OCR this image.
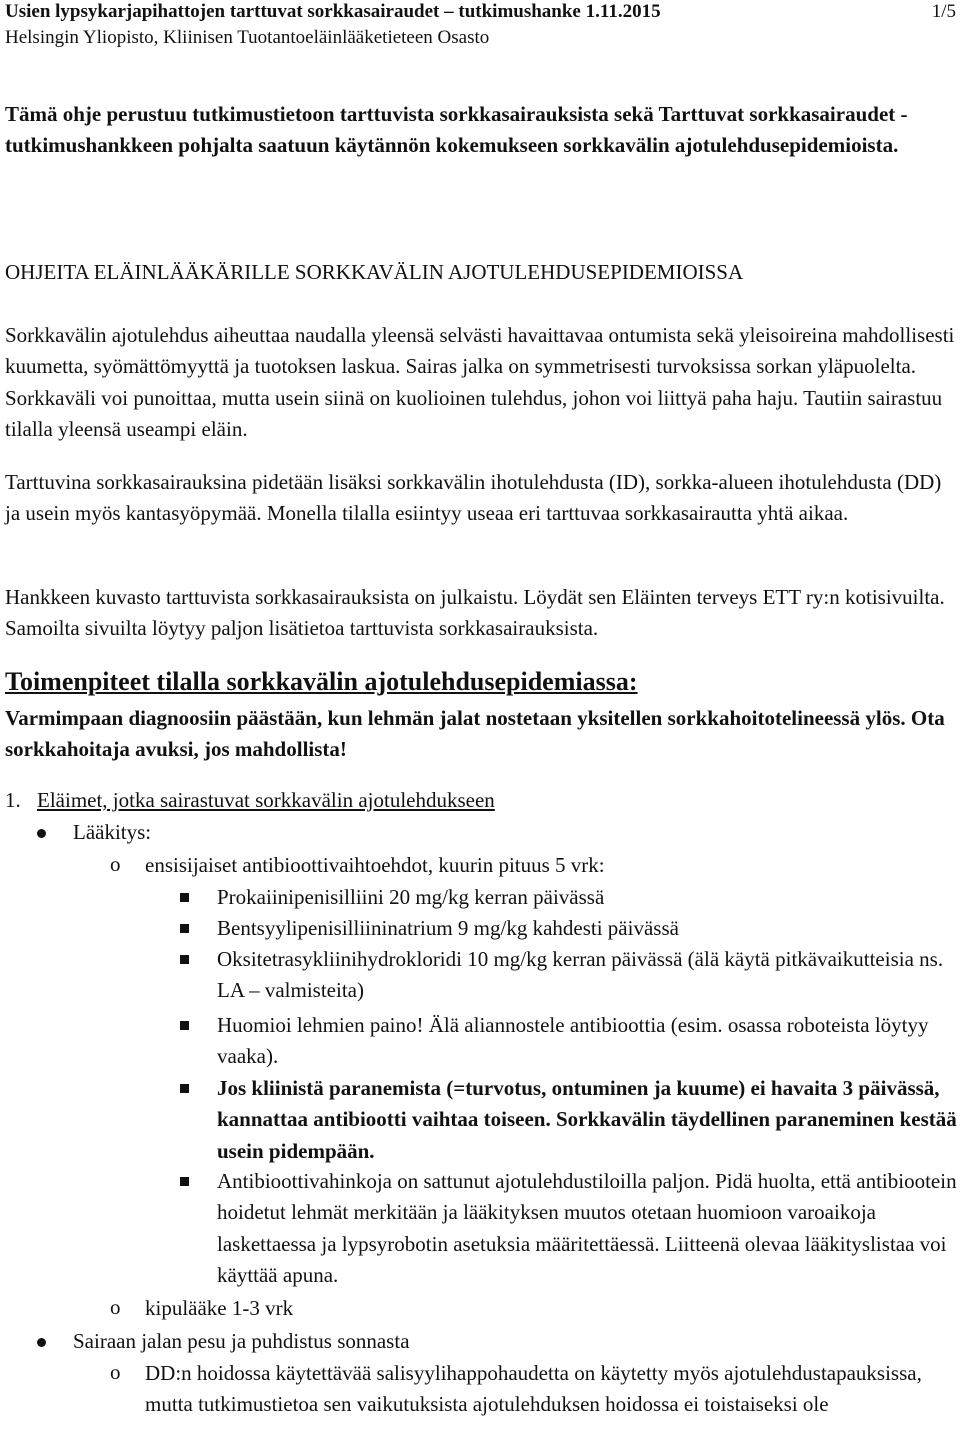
Usien lypsykarjapihattojen tarttuvat sorkkasairaudet – tutkimushanke 1.11.2015	1/5
Helsingin Yliopisto, Kliinisen Tuotantoeläinlääketieteen Osasto
Tämä ohje perustuu tutkimustietoon tarttuvista sorkkasairauksista sekä Tarttuvat sorkkasairaudet - tutkimushankkeen pohjalta saatuun käytännön kokemukseen sorkkavälin ajotulehdusepidemioista.
OHJEITA ELÄINLÄÄKÄRILLE SORKKAVÄLIN AJOTULEHDUSEPIDEMIOISSA
Sorkkavälin ajotulehdus aiheuttaa naudalla yleensä selvästi havaittavaa ontumista sekä yleisoireina mahdollisesti kuumetta, syömättömyyttä ja tuotoksen laskua. Sairas jalka on symmetrisesti turvoksissa sorkan yläpuolelta. Sorkkaväli voi punoittaa, mutta usein siinä on kuolioinen tulehdus, johon voi liittyä paha haju. Tautiin sairastuu tilalla yleensä useampi eläin.
Tarttuvina sorkkasairauksina pidetään lisäksi sorkkavälin ihotulehdusta (ID), sorkka-alueen ihotulehdusta (DD) ja usein myös kantasyöpymää. Monella tilalla esiintyy useaa eri tarttuvaa sorkkasairautta yhtä aikaa.
Hankkeen kuvasto tarttuvista sorkkasairauksista on julkaistu. Löydät sen Eläinten terveys ETT ry:n kotisivuilta. Samoilta sivuilta löytyy paljon lisätietoa tarttuvista sorkkasairauksista.
Toimenpiteet tilalla sorkkavälin ajotulehdusepidemiassa:
Varmimpaan diagnoosiin päästään, kun lehmän jalat nostetaan yksitellen sorkkahoitotelineessä ylös. Ota sorkkahoitaja avuksi, jos mahdollista!
1. Eläimet, jotka sairastuvat sorkkavälin ajotulehdukseen
Lääkitys:
o ensisijaiset antibioottivaihtoehdot, kuurin pituus 5 vrk:
Prokaiinipenisilliini 20 mg/kg kerran päivässä
Bentsyylipenisilliininatrium 9 mg/kg kahdesti päivässä
Oksitetrasykliinihydrokloridi 10 mg/kg kerran päivässä (älä käytä pitkävaikutteisia ns. LA – valmisteita)
Huomioi lehmien paino! Älä aliannostele antibioottia (esim. osassa roboteista löytyy vaaka).
Jos kliinistä paranemista (=turvotus, ontuminen ja kuume) ei havaita 3 päivässä, kannattaa antibiootti vaihtaa toiseen. Sorkkavälin täydellinen paraneminen kestää usein pidempään.
Antibioottivahinkoja on sattunut ajotulehdustiloilla paljon. Pidä huolta, että antibiootein hoidetut lehmät merkitään ja lääkityksen muutos otetaan huomioon varoaikoja laskettaessa ja lypsyrobotin asetuksia määritettäessä. Liitteenä olevaa lääkityslistaa voi käyttää apuna.
o kipulääke 1-3 vrk
Sairaan jalan pesu ja puhdistus sonnasta
o DD:n hoidossa käytettävää salisyylihappohaudetta on käytetty myös ajotulehdustapauksissa, mutta tutkimustietoa sen vaikutuksista ajotulehduksen hoidossa ei toistaiseksi ole
